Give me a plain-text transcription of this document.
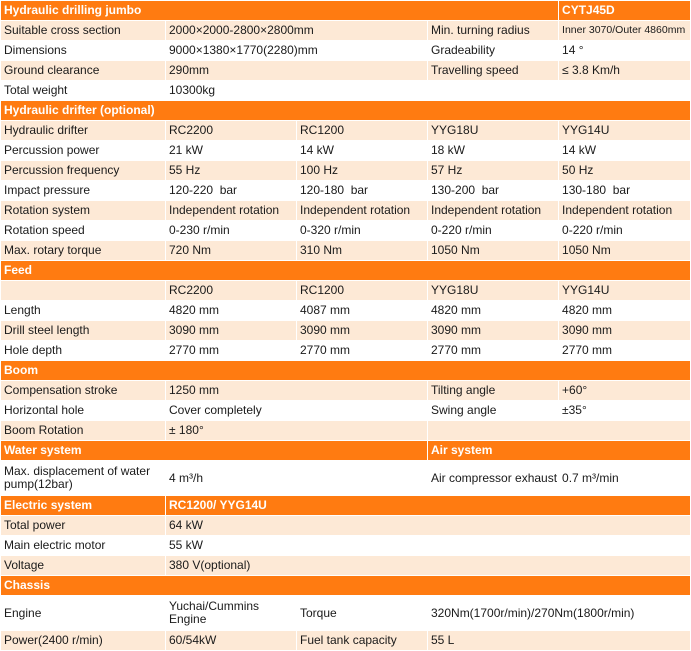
Hydraulic drilling jumbo				CYTJ45D
Suitable cross section	2000×2000-2800×2800mm		Min. turning radius	Inner 3070/Outer 4860mm
Dimensions	9000×1380×1770(2280)mm		Gradeability	14 °
Ground clearance	290mm		Travelling speed	≤ 3.8 Km/h
Total weight	10300kg			
Hydraulic drifter (optional)				
Hydraulic drifter	RC2200	RC1200	YYG18U	YYG14U
Percussion power	21 kW	14 kW	18 kW	14 kW
Percussion frequency	55 Hz	100 Hz	57 Hz	50 Hz
Impact pressure	120-220  bar	120-180  bar	130-200  bar	130-180  bar
Rotation system	Independent rotation	Independent rotation	Independent rotation	Independent rotation
Rotation speed	0-230 r/min	0-320 r/min	0-220 r/min	0-220 r/min
Max. rotary torque	720 Nm	310 Nm	1050 Nm	1050 Nm
Feed				
	RC2200	RC1200	YYG18U	YYG14U
Length	4820 mm	4087 mm	4820 mm	4820 mm
Drill steel length	3090 mm	3090 mm	3090 mm	3090 mm
Hole depth	2770 mm	2770 mm	2770 mm	2770 mm
Boom				
Compensation stroke	1250 mm		Tilting angle	+60°
Horizontal hole	Cover completely		Swing angle	±35°
Boom Rotation	± 180°			
Water system			Air system	
Max. displacement of water pump(12bar)	4 m³/h		Air compressor exhaust	0.7 m³/min
Electric system	RC1200/ YYG14U			
Total power	64 kW			
Main electric motor	55 kW			
Voltage	380 V(optional)			
Chassis				
Engine	Yuchai/Cummins Engine	Torque	320Nm(1700r/min)/270Nm(1800r/min)	
Power(2400 r/min)	60/54kW	Fuel tank capacity	55 L	
